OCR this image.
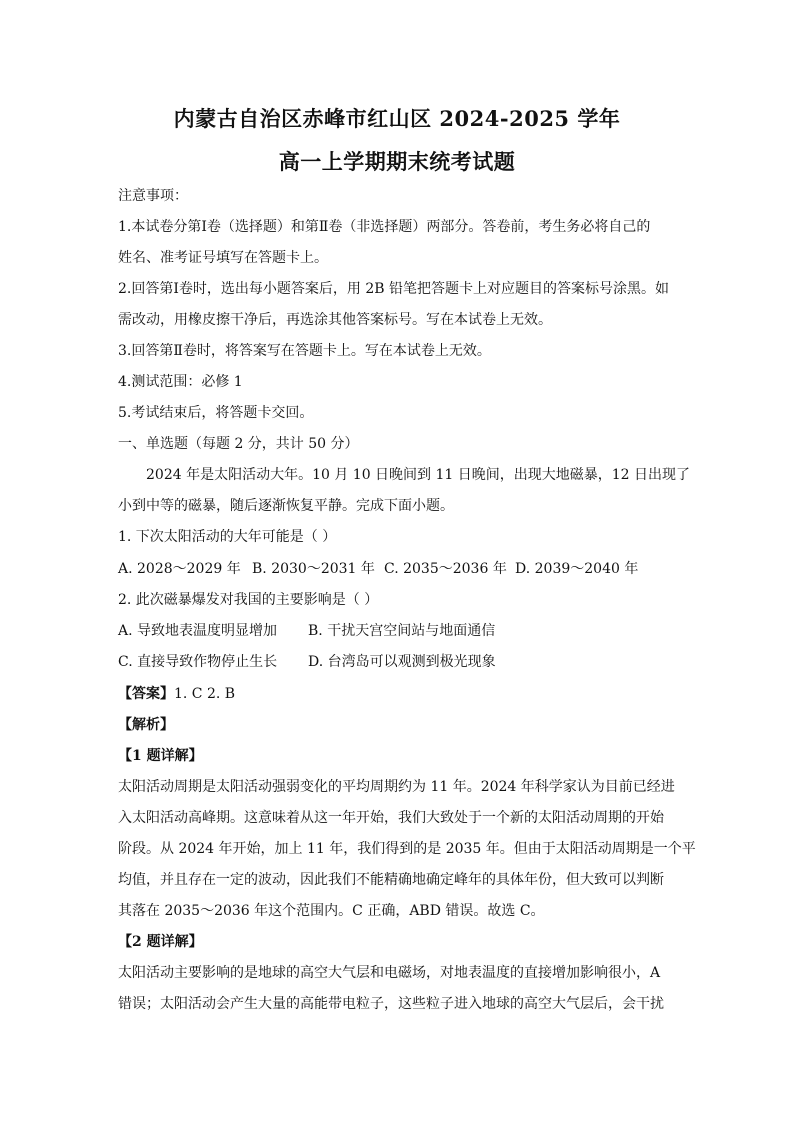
内蒙古自治区赤峰市红山区 2024-2025 学年
高一上学期期末统考试题
注意事项：
1.本试卷分第Ⅰ卷（选择题）和第Ⅱ卷（非选择题）两部分。答卷前，考生务必将自己的
姓名、准考证号填写在答题卡上。
2.回答第Ⅰ卷时，选出每小题答案后，用 2B 铅笔把答题卡上对应题目的答案标号涂黑。如
需改动，用橡皮擦干净后，再选涂其他答案标号。写在本试卷上无效。
3.回答第Ⅱ卷时，将答案写在答题卡上。写在本试卷上无效。
4.测试范围：必修 1
5.考试结束后，将答题卡交回。
一、单选题（每题 2 分，共计 50 分）
2024 年是太阳活动大年。10 月 10 日晚间到 11 日晚间，出现大地磁暴，12 日出现了
小到中等的磁暴，随后逐渐恢复平静。完成下面小题。
1. 下次太阳活动的大年可能是（ ）
A. 2028～2029 年 B. 2030～2031 年 C. 2035～2036 年 D. 2039～2040 年
2. 此次磁暴爆发对我国的主要影响是（ ）
A. 导致地表温度明显增加 B. 干扰天宫空间站与地面通信
C. 直接导致作物停止生长 D. 台湾岛可以观测到极光现象
【答案】1. C 2. B
【解析】
【1 题详解】
太阳活动周期是太阳活动强弱变化的平均周期约为 11 年。2024 年科学家认为目前已经进
入太阳活动高峰期。这意味着从这一年开始，我们大致处于一个新的太阳活动周期的开始
阶段。从 2024 年开始，加上 11 年，我们得到的是 2035 年。但由于太阳活动周期是一个平
均值，并且存在一定的波动，因此我们不能精确地确定峰年的具体年份，但大致可以判断
其落在 2035～2036 年这个范围内。C 正确，ABD 错误。故选 C。
【2 题详解】
太阳活动主要影响的是地球的高空大气层和电磁场，对地表温度的直接增加影响很小，A
错误；太阳活动会产生大量的高能带电粒子，这些粒子进入地球的高空大气层后，会干扰
